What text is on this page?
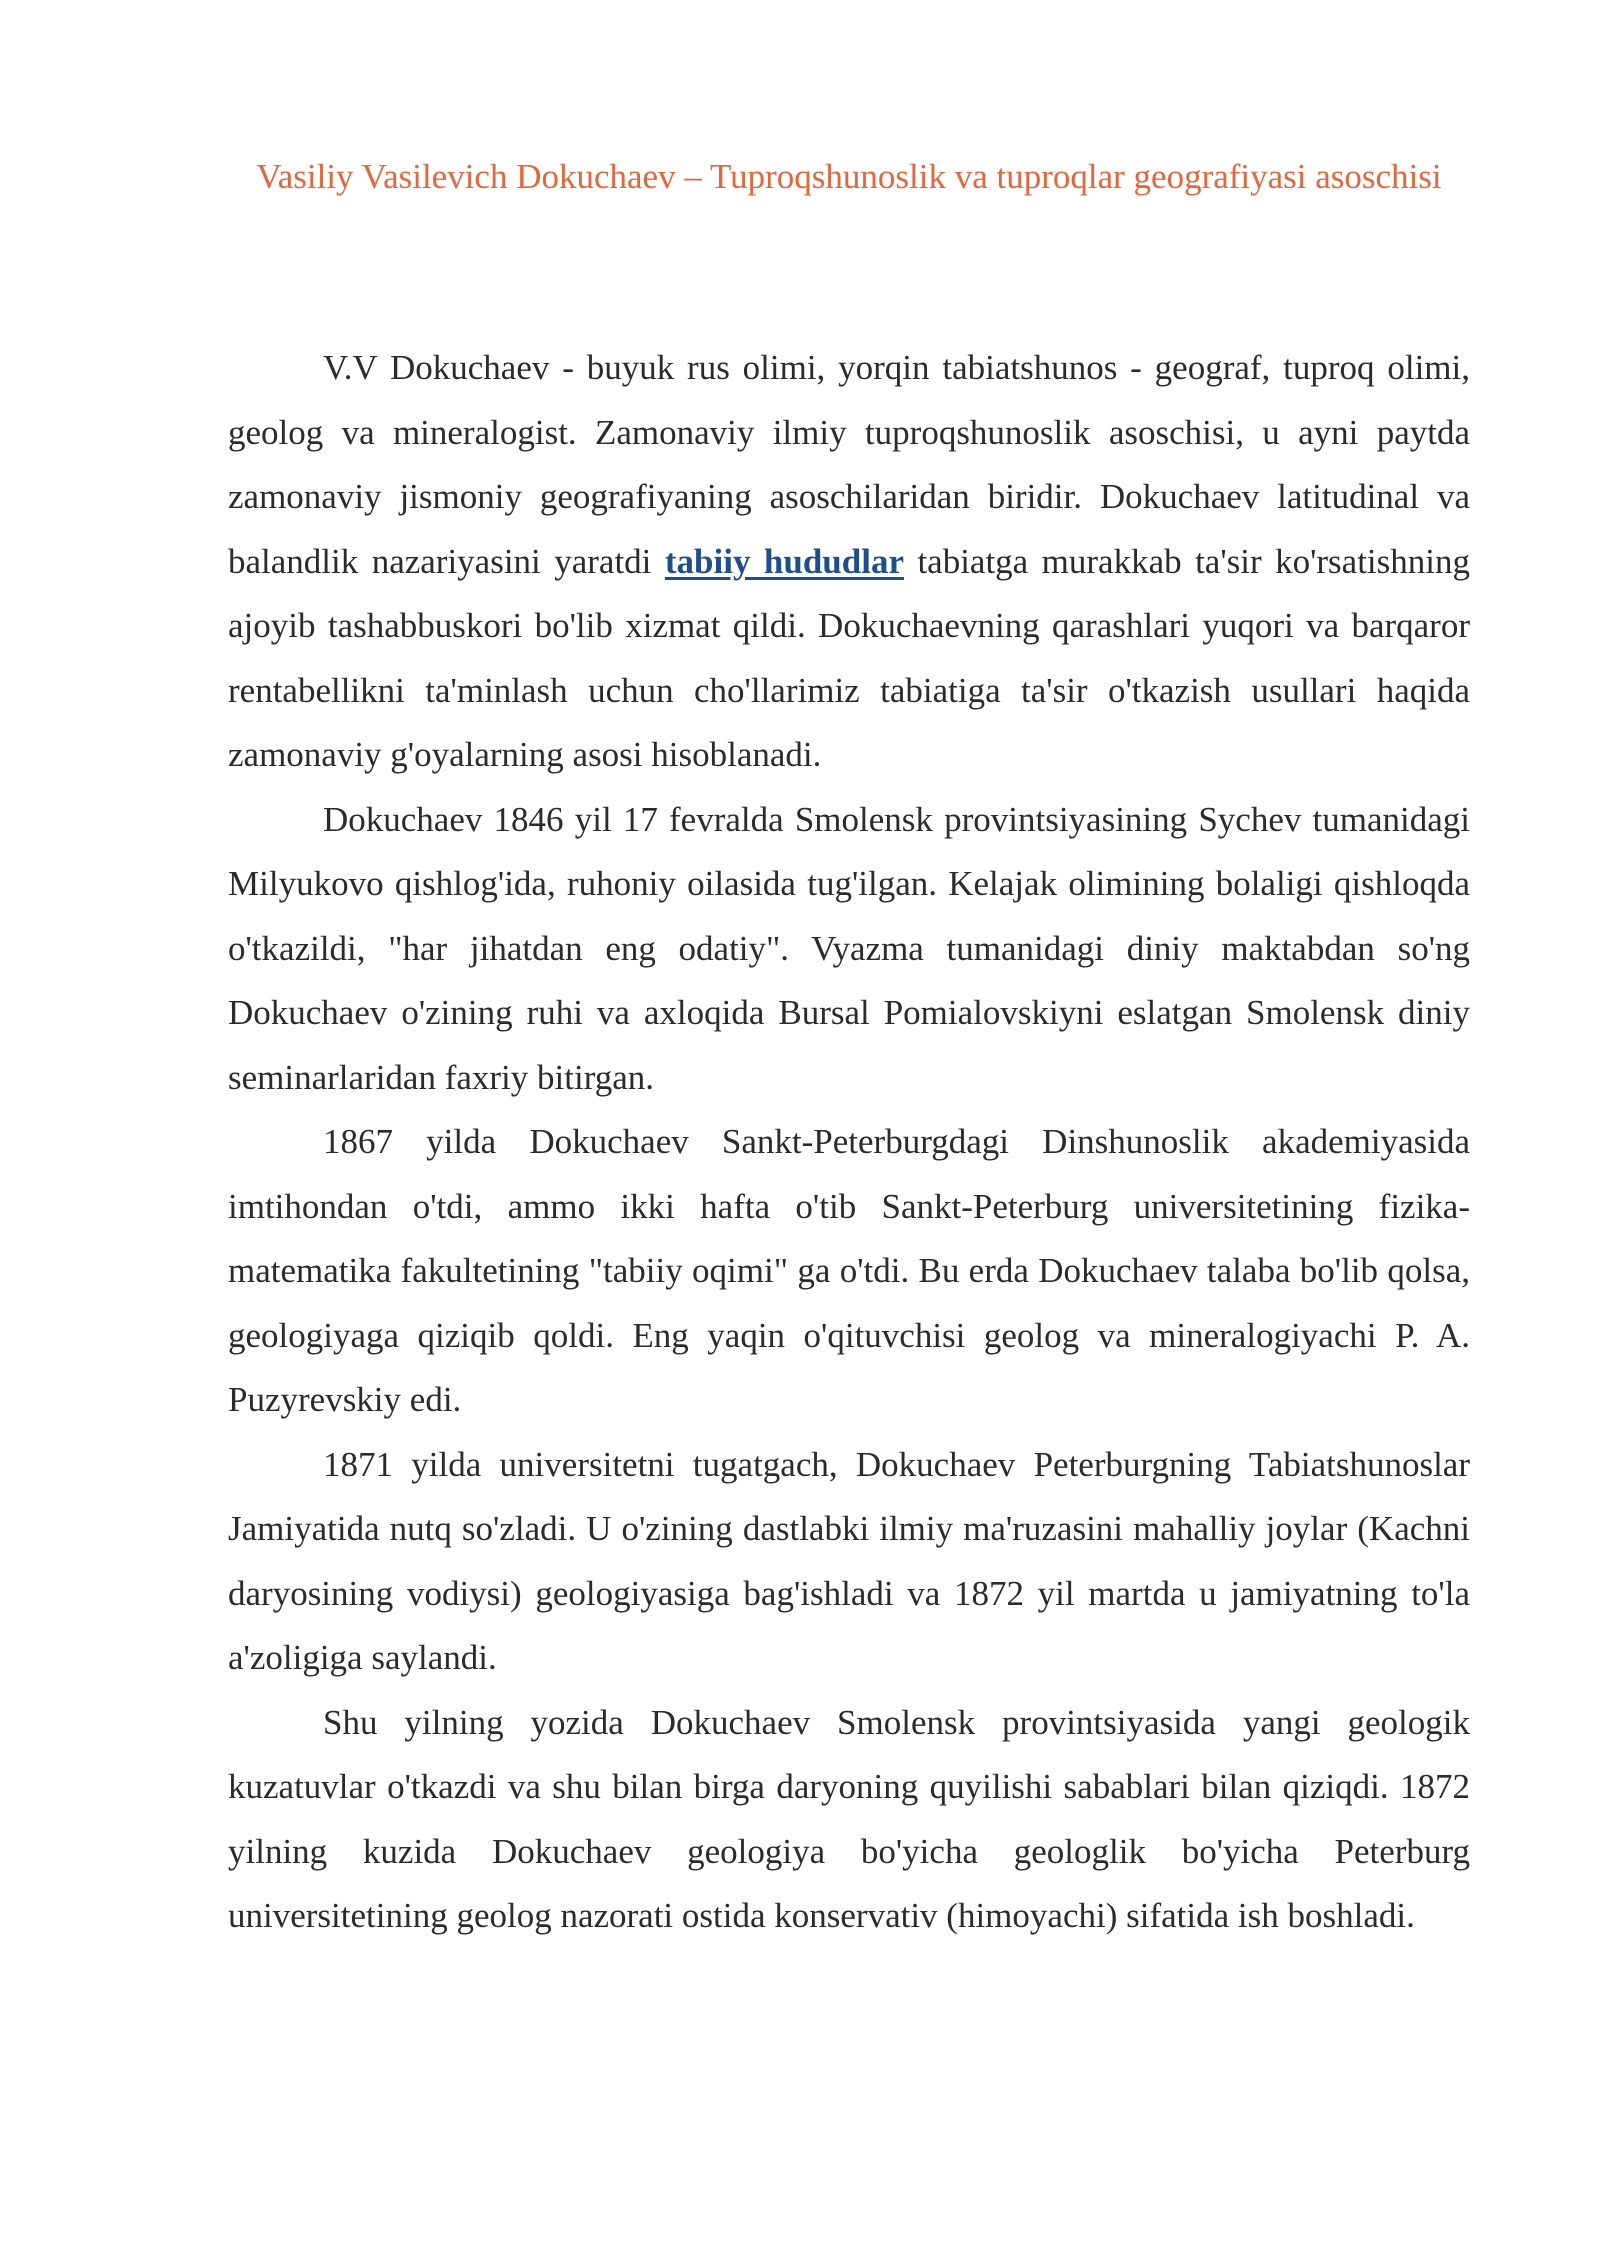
Vasiliy Vasilevich Dokuchaev – Tuproqshunoslik va tuproqlar geografiyasi asoschisi

V.V Dokuchaev - buyuk rus olimi, yorqin tabiatshunos - geograf, tuproq olimi, geolog va mineralogist. Zamonaviy ilmiy tuproqshunoslik asoschisi, u ayni paytda zamonaviy jismoniy geografiyaning asoschilaridan biridir. Dokuchaev latitudinal va balandlik nazariyasini yaratdi tabiiy hududlar tabiatga murakkab ta'sir ko'rsatishning ajoyib tashabbuskori bo'lib xizmat qildi. Dokuchaevning qarashlari yuqori va barqaror rentabellikni ta'minlash uchun cho'llarimiz tabiatiga ta'sir o'tkazish usullari haqida zamonaviy g'oyalarning asosi hisoblanadi.

Dokuchaev 1846 yil 17 fevralda Smolensk provintsiyasining Sychev tumanidagi Milyukovo qishlog'ida, ruhoniy oilasida tug'ilgan. Kelajak olimining bolaligi qishloqda o'tkazildi, "har jihatdan eng odatiy". Vyazma tumanidagi diniy maktabdan so'ng Dokuchaev o'zining ruhi va axloqida Bursal Pomialovskiyni eslatgan Smolensk diniy seminarlaridan faxriy bitirgan.

1867 yilda Dokuchaev Sankt-Peterburgdagi Dinshunoslik akademiyasida imtihondan o'tdi, ammo ikki hafta o'tib Sankt-Peterburg universitetining fizika-matematika fakultetining "tabiiy oqimi" ga o'tdi. Bu erda Dokuchaev talaba bo'lib qolsa, geologiyaga qiziqib qoldi. Eng yaqin o'qituvchisi geolog va mineralogiyachi P. A. Puzyrevskiy edi.

1871 yilda universitetni tugatgach, Dokuchaev Peterburgning Tabiatshunoslar Jamiyatida nutq so'zladi. U o'zining dastlabki ilmiy ma'ruzasini mahalliy joylar (Kachni daryosining vodiysi) geologiyasiga bag'ishladi va 1872 yil martda u jamiyatning to'la a'zoligiga saylandi.

Shu yilning yozida Dokuchaev Smolensk provintsiyasida yangi geologik kuzatuvlar o'tkazdi va shu bilan birga daryoning quyilishi sabablari bilan qiziqdi. 1872 yilning kuzida Dokuchaev geologiya bo'yicha geologlik bo'yicha Peterburg universitetining geolog nazorati ostida konservativ (himoyachi) sifatida ish boshladi.
